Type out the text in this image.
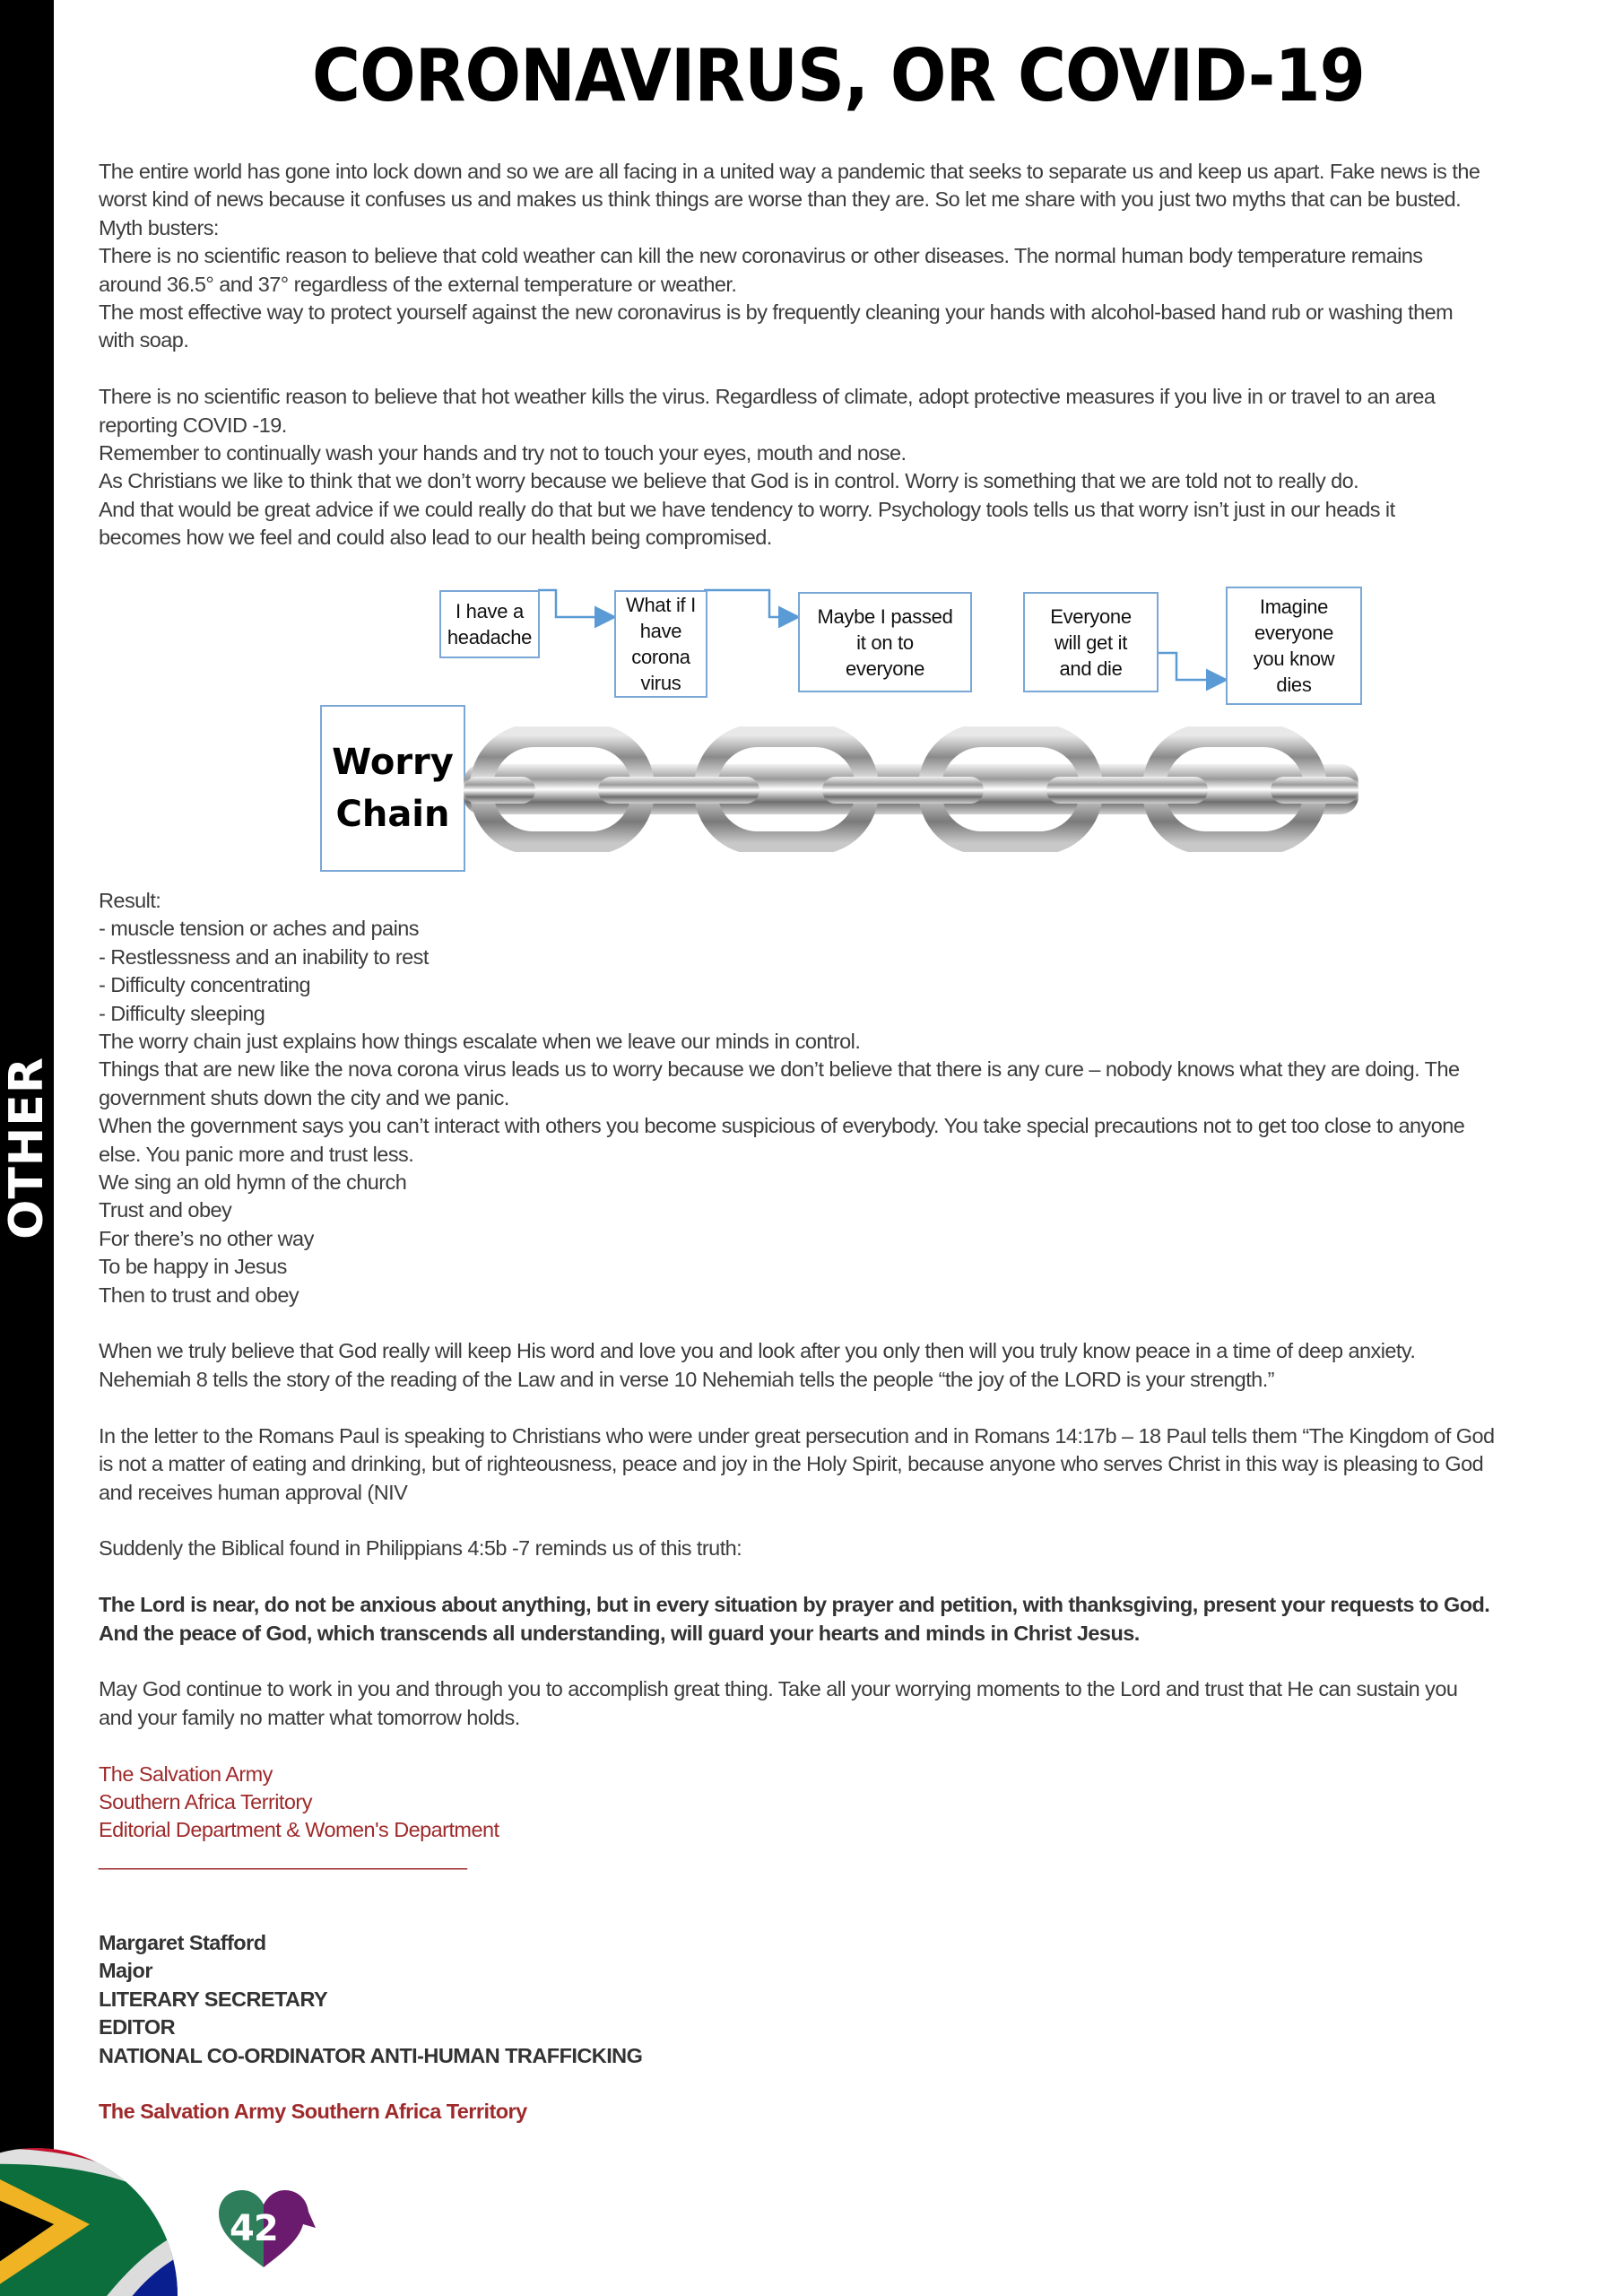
OTHER
CORONAVIRUS, OR COVID-19

The entire world has gone into lock down and so we are all facing in a united way a pandemic that seeks to separate us and keep us apart. Fake news is the

worst kind of news because it confuses us and makes us think things are worse than they are. So let me share with you just two myths that can be busted.

Myth busters:

There is no scientific reason to believe that cold weather can kill the new coronavirus or other diseases. The normal human body temperature remains

around 36.5° and 37° regardless of the external temperature or weather.

The most effective way to protect yourself against the new coronavirus is by frequently cleaning your hands with alcohol-based hand rub or washing them

with soap.

There is no scientific reason to believe that hot weather kills the virus. Regardless of climate, adopt protective measures if you live in or travel to an area

reporting COVID -19.

Remember to continually wash your hands and try not to touch your eyes, mouth and nose.

As Christians we like to think that we don’t worry because we believe that God is in control. Worry is something that we are told not to really do.

And that would be great advice if we could really do that but we have tendency to worry. Psychology tools tells us that worry isn’t just in our heads it

becomes how we feel and could also lead to our health being compromised.

I have a
headache
What if I
have corona
virus
Maybe I passed
it on to
everyone
Everyone
will get it
and die
Imagine
everyone
you know
dies
Worry
Chain

Result:

- muscle tension or aches and pains

- Restlessness and an inability to rest

- Difficulty concentrating

- Difficulty sleeping

The worry chain just explains how things escalate when we leave our minds in control.

Things that are new like the nova corona virus leads us to worry because we don’t believe that there is any cure – nobody knows what they are doing. The

government shuts down the city and we panic.

When the government says you can’t interact with others you become suspicious of everybody. You take special precautions not to get too close to anyone

else. You panic more and trust less.

We sing an old hymn of the church

Trust and obey

For there’s no other way

To be happy in Jesus

Then to trust and obey

When we truly believe that God really will keep His word and love you and look after you only then will you truly know peace in a time of deep anxiety.

Nehemiah 8 tells the story of the reading of the Law and in verse 10 Nehemiah tells the people “the joy of the LORD is your strength.”

In the letter to the Romans Paul is speaking to Christians who were under great persecution and in Romans 14:17b – 18 Paul tells them “The Kingdom of God

is not a matter of eating and drinking, but of righteousness, peace and joy in the Holy Spirit, because anyone who serves Christ in this way is pleasing to God

and receives human approval (NIV

Suddenly the Biblical found in Philippians 4:5b -7 reminds us of this truth:

The Lord is near, do not be anxious about anything, but in every situation by prayer and petition, with thanksgiving, present your requests to God.

And the peace of God, which transcends all understanding, will guard your hearts and minds in Christ Jesus.

May God continue to work in you and through you to accomplish great thing. Take all your worrying moments to the Lord and trust that He can sustain you

and your family no matter what tomorrow holds.

The Salvation Army

Southern Africa Territory

Editorial Department & Women's Department

_______________________________________

Margaret Stafford

Major

LITERARY SECRETARY

EDITOR

NATIONAL CO-ORDINATOR ANTI-HUMAN TRAFFICKING

The Salvation Army Southern Africa Territory

42
